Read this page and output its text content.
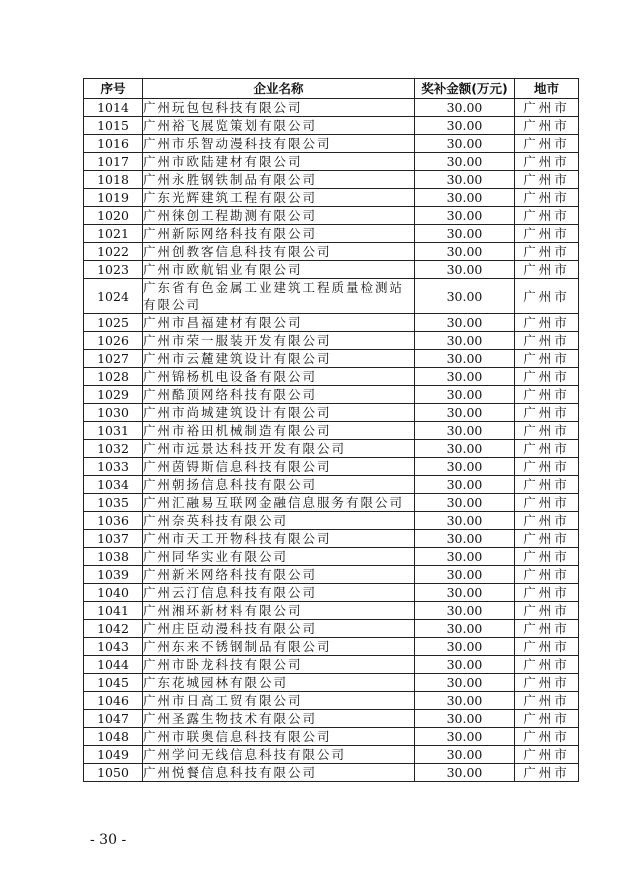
序号	企业名称	奖补金额(万元)	地市
1014	广州玩包包科技有限公司	30.00	广州市
1015	广州裕飞展览策划有限公司	30.00	广州市
1016	广州市乐智动漫科技有限公司	30.00	广州市
1017	广州市欧陆建材有限公司	30.00	广州市
1018	广州永胜钢铁制品有限公司	30.00	广州市
1019	广东光辉建筑工程有限公司	30.00	广州市
1020	广州徕创工程勘测有限公司	30.00	广州市
1021	广州新际网络科技有限公司	30.00	广州市
1022	广州创教客信息科技有限公司	30.00	广州市
1023	广州市欧航铝业有限公司	30.00	广州市
1024	广东省有色金属工业建筑工程质量检测站有限公司	30.00	广州市
1025	广州市昌福建材有限公司	30.00	广州市
1026	广州市荣一服装开发有限公司	30.00	广州市
1027	广州市云麓建筑设计有限公司	30.00	广州市
1028	广州锦杨机电设备有限公司	30.00	广州市
1029	广州酷顶网络科技有限公司	30.00	广州市
1030	广州市尚城建筑设计有限公司	30.00	广州市
1031	广州市裕田机械制造有限公司	30.00	广州市
1032	广州市远景达科技开发有限公司	30.00	广州市
1033	广州茵锝斯信息科技有限公司	30.00	广州市
1034	广州朝扬信息科技有限公司	30.00	广州市
1035	广州汇融易互联网金融信息服务有限公司	30.00	广州市
1036	广州奈英科技有限公司	30.00	广州市
1037	广州市天工开物科技有限公司	30.00	广州市
1038	广州同华实业有限公司	30.00	广州市
1039	广州新米网络科技有限公司	30.00	广州市
1040	广州云汀信息科技有限公司	30.00	广州市
1041	广州湘环新材料有限公司	30.00	广州市
1042	广州庄臣动漫科技有限公司	30.00	广州市
1043	广州东来不锈钢制品有限公司	30.00	广州市
1044	广州市卧龙科技有限公司	30.00	广州市
1045	广东花城园林有限公司	30.00	广州市
1046	广州市日高工贸有限公司	30.00	广州市
1047	广州圣露生物技术有限公司	30.00	广州市
1048	广州市联奥信息科技有限公司	30.00	广州市
1049	广州学问无线信息科技有限公司	30.00	广州市
1050	广州悦餐信息科技有限公司	30.00	广州市
- 30 -
